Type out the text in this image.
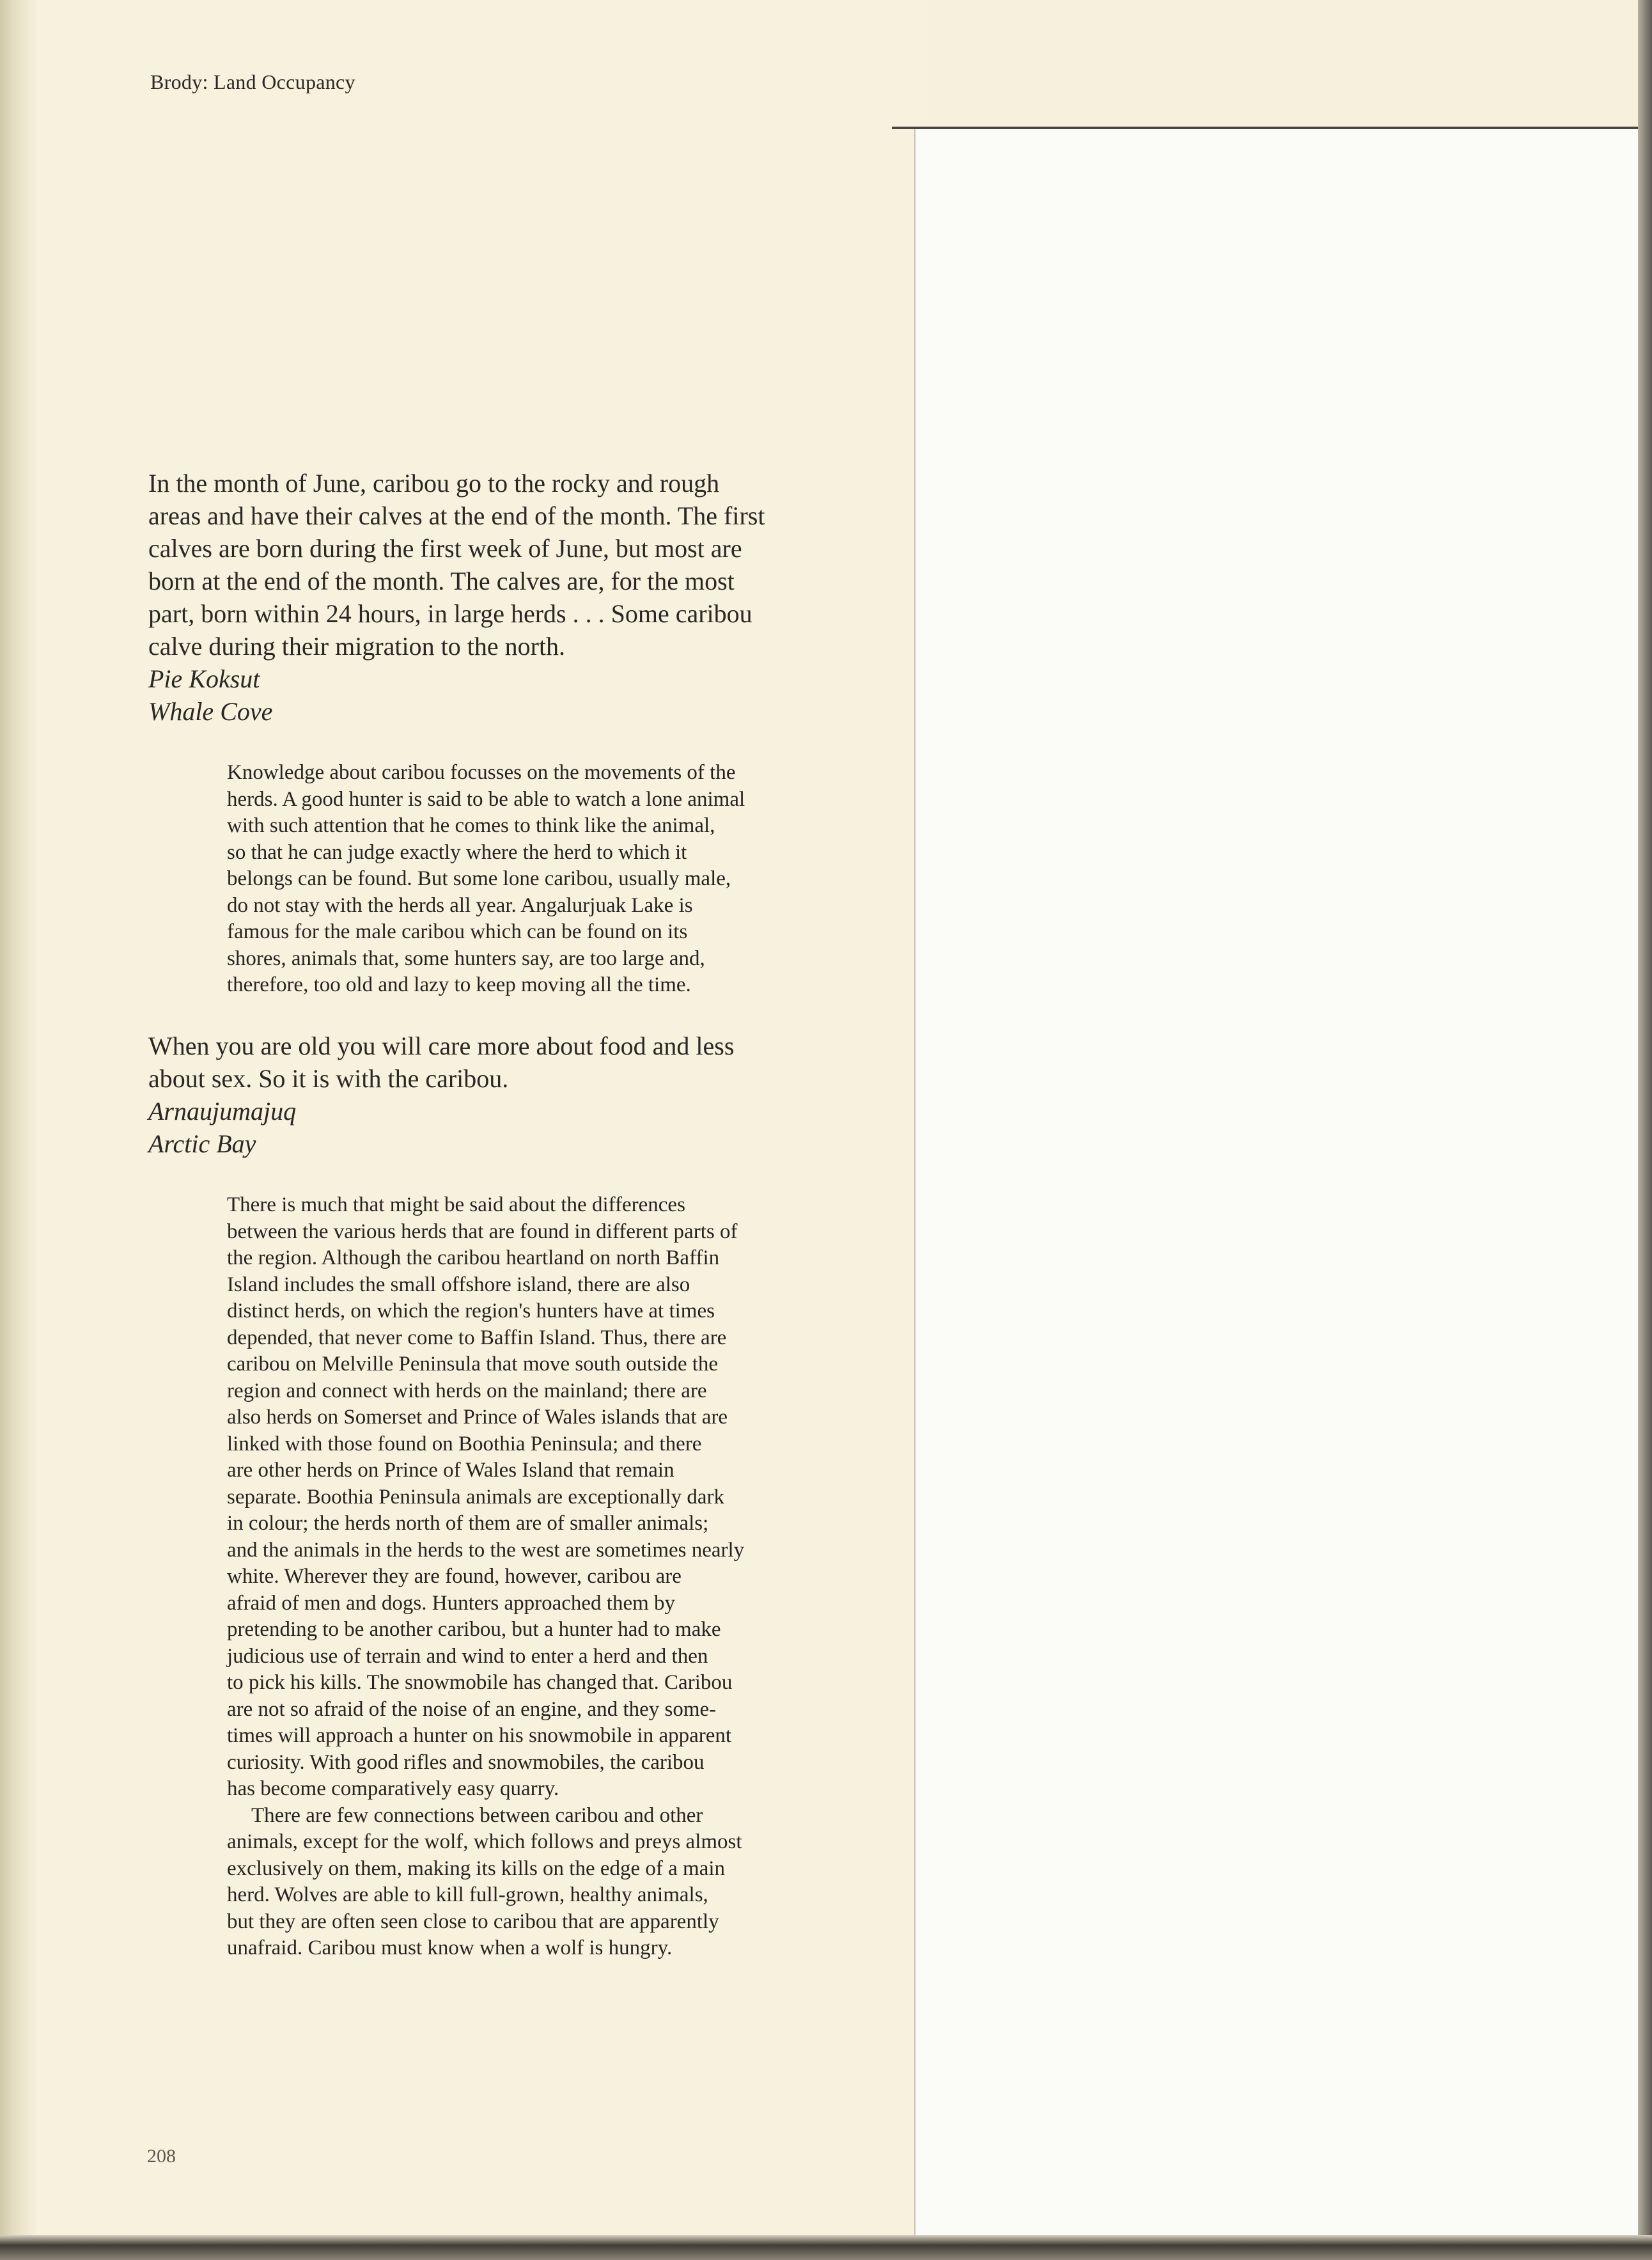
Brody: Land Occupancy

In the month of June, caribou go to the rocky and rough

areas and have their calves at the end of the month. The first

calves are born during the first week of June, but most are

born at the end of the month. The calves are, for the most

part, born within 24 hours, in large herds . . . Some caribou

calve during their migration to the north.

Pie Koksut

Whale Cove

Knowledge about caribou focusses on the movements of the

herds. A good hunter is said to be able to watch a lone animal

with such attention that he comes to think like the animal,

so that he can judge exactly where the herd to which it

belongs can be found. But some lone caribou, usually male,

do not stay with the herds all year. Angalurjuak Lake is

famous for the male caribou which can be found on its

shores, animals that, some hunters say, are too large and,

therefore, too old and lazy to keep moving all the time.

When you are old you will care more about food and less

about sex. So it is with the caribou.

Arnaujumajuq

Arctic Bay

There is much that might be said about the differences

between the various herds that are found in different parts of

the region. Although the caribou heartland on north Baffin

Island includes the small offshore island, there are also

distinct herds, on which the region's hunters have at times

depended, that never come to Baffin Island. Thus, there are

caribou on Melville Peninsula that move south outside the

region and connect with herds on the mainland; there are

also herds on Somerset and Prince of Wales islands that are

linked with those found on Boothia Peninsula; and there

are other herds on Prince of Wales Island that remain

separate. Boothia Peninsula animals are exceptionally dark

in colour; the herds north of them are of smaller animals;

and the animals in the herds to the west are sometimes nearly

white. Wherever they are found, however, caribou are

afraid of men and dogs. Hunters approached them by

pretending to be another caribou, but a hunter had to make

judicious use of terrain and wind to enter a herd and then

to pick his kills. The snowmobile has changed that. Caribou

are not so afraid of the noise of an engine, and they some-

times will approach a hunter on his snowmobile in apparent

curiosity. With good rifles and snowmobiles, the caribou

has become comparatively easy quarry.

There are few connections between caribou and other

animals, except for the wolf, which follows and preys almost

exclusively on them, making its kills on the edge of a main

herd. Wolves are able to kill full-grown, healthy animals,

but they are often seen close to caribou that are apparently

unafraid. Caribou must know when a wolf is hungry.

208
